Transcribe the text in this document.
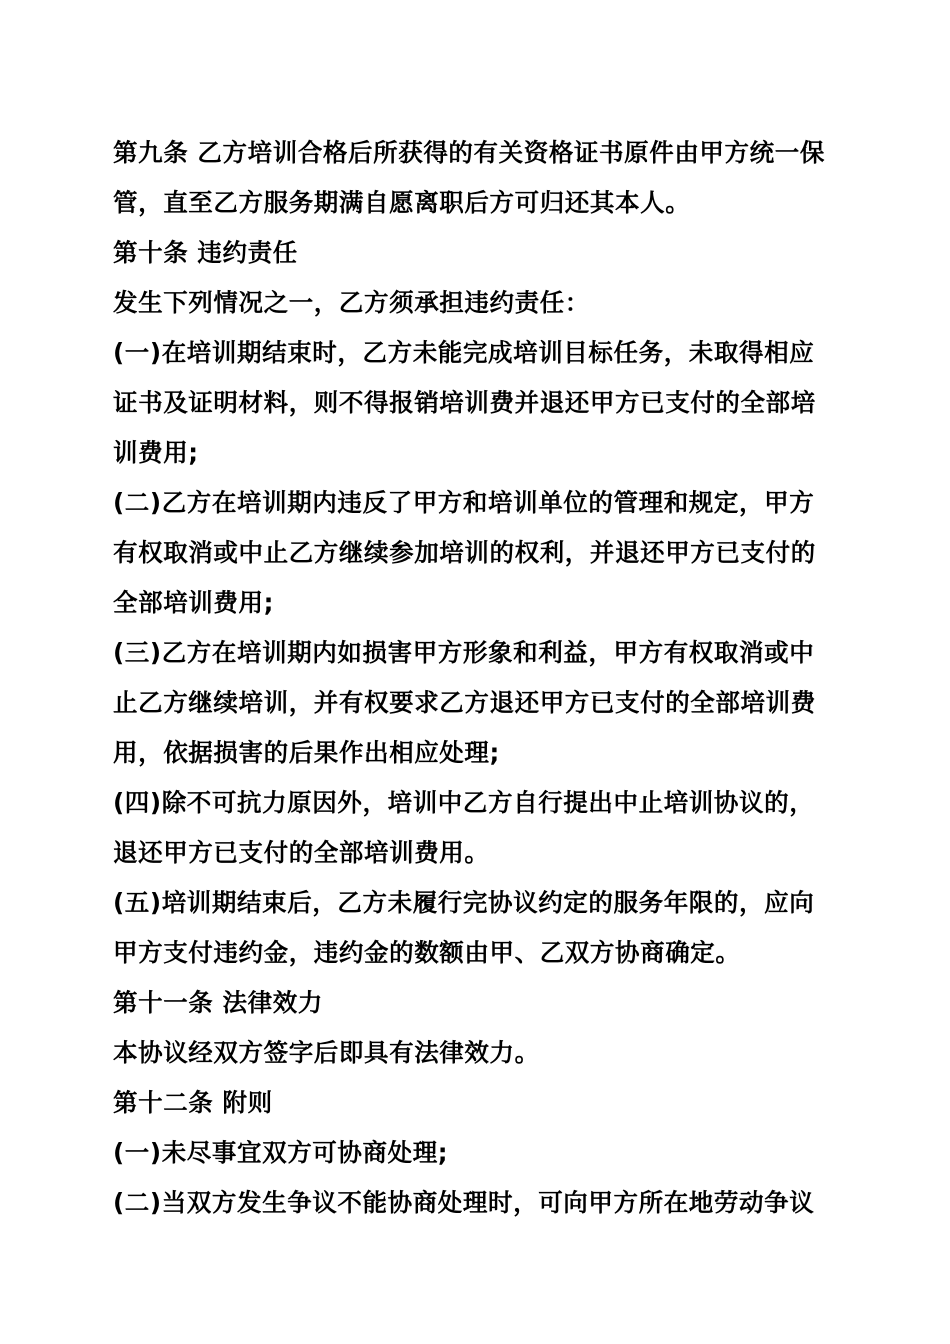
第九条 乙方培训合格后所获得的有关资格证书原件由甲方统一保
管，直至乙方服务期满自愿离职后方可归还其本人。
第十条 违约责任
发生下列情况之一，乙方须承担违约责任：
(一)在培训期结束时，乙方未能完成培训目标任务，未取得相应
证书及证明材料，则不得报销培训费并退还甲方已支付的全部培
训费用;
(二)乙方在培训期内违反了甲方和培训单位的管理和规定，甲方
有权取消或中止乙方继续参加培训的权利，并退还甲方已支付的
全部培训费用;
(三)乙方在培训期内如损害甲方形象和利益，甲方有权取消或中
止乙方继续培训，并有权要求乙方退还甲方已支付的全部培训费
用，依据损害的后果作出相应处理;
(四)除不可抗力原因外，培训中乙方自行提出中止培训协议的，
退还甲方已支付的全部培训费用。
(五)培训期结束后，乙方未履行完协议约定的服务年限的，应向
甲方支付违约金，违约金的数额由甲、乙双方协商确定。
第十一条 法律效力
本协议经双方签字后即具有法律效力。
第十二条 附则
(一)未尽事宜双方可协商处理;
(二)当双方发生争议不能协商处理时，可向甲方所在地劳动争议
